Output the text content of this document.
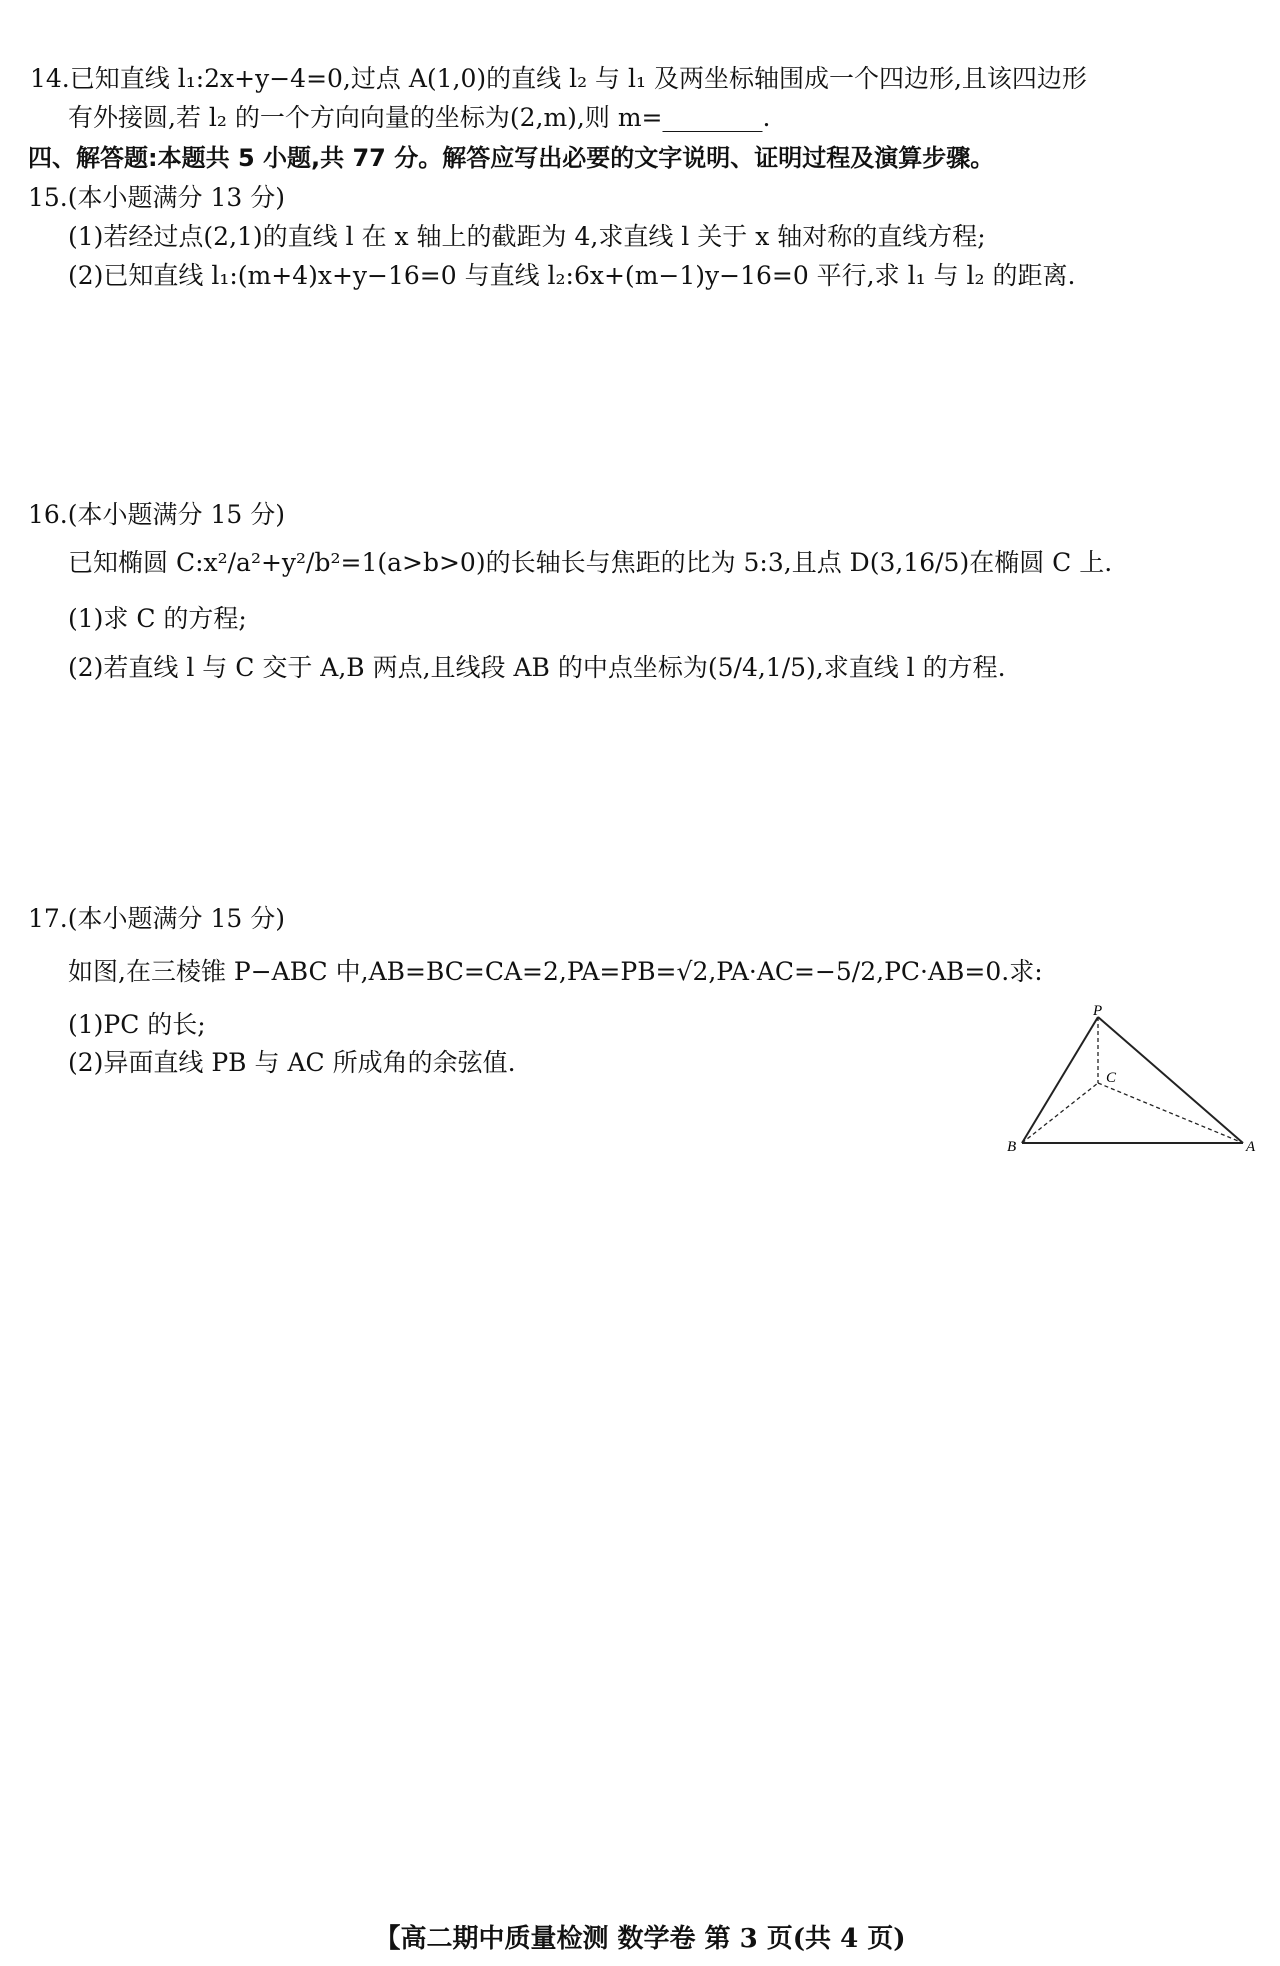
14.已知直线 l₁:2x+y−4=0,过点 A(1,0)的直线 l₂ 与 l₁ 及两坐标轴围成一个四边形,且该四边形
有外接圆,若 l₂ 的一个方向向量的坐标为(2,m),则 m=________.
四、解答题:本题共 5 小题,共 77 分。解答应写出必要的文字说明、证明过程及演算步骤。
15.(本小题满分 13 分)
(1)若经过点(2,1)的直线 l 在 x 轴上的截距为 4,求直线 l 关于 x 轴对称的直线方程;
(2)已知直线 l₁:(m+4)x+y−16=0 与直线 l₂:6x+(m−1)y−16=0 平行,求 l₁ 与 l₂ 的距离.
16.(本小题满分 15 分)
已知椭圆 C:x²/a²+y²/b²=1(a>b>0)的长轴长与焦距的比为 5:3,且点 D(3,16/5)在椭圆 C 上.
(1)求 C 的方程;
(2)若直线 l 与 C 交于 A,B 两点,且线段 AB 的中点坐标为(5/4,1/5),求直线 l 的方程.
17.(本小题满分 15 分)
如图,在三棱锥 P−ABC 中,AB=BC=CA=2,PA=PB=√2,PA·AC=−5/2,PC·AB=0.求:
(1)PC 的长;
(2)异面直线 PB 与 AC 所成角的余弦值.
P
C
B	A
【高二期中质量检测 数学卷 第 3 页(共 4 页)
